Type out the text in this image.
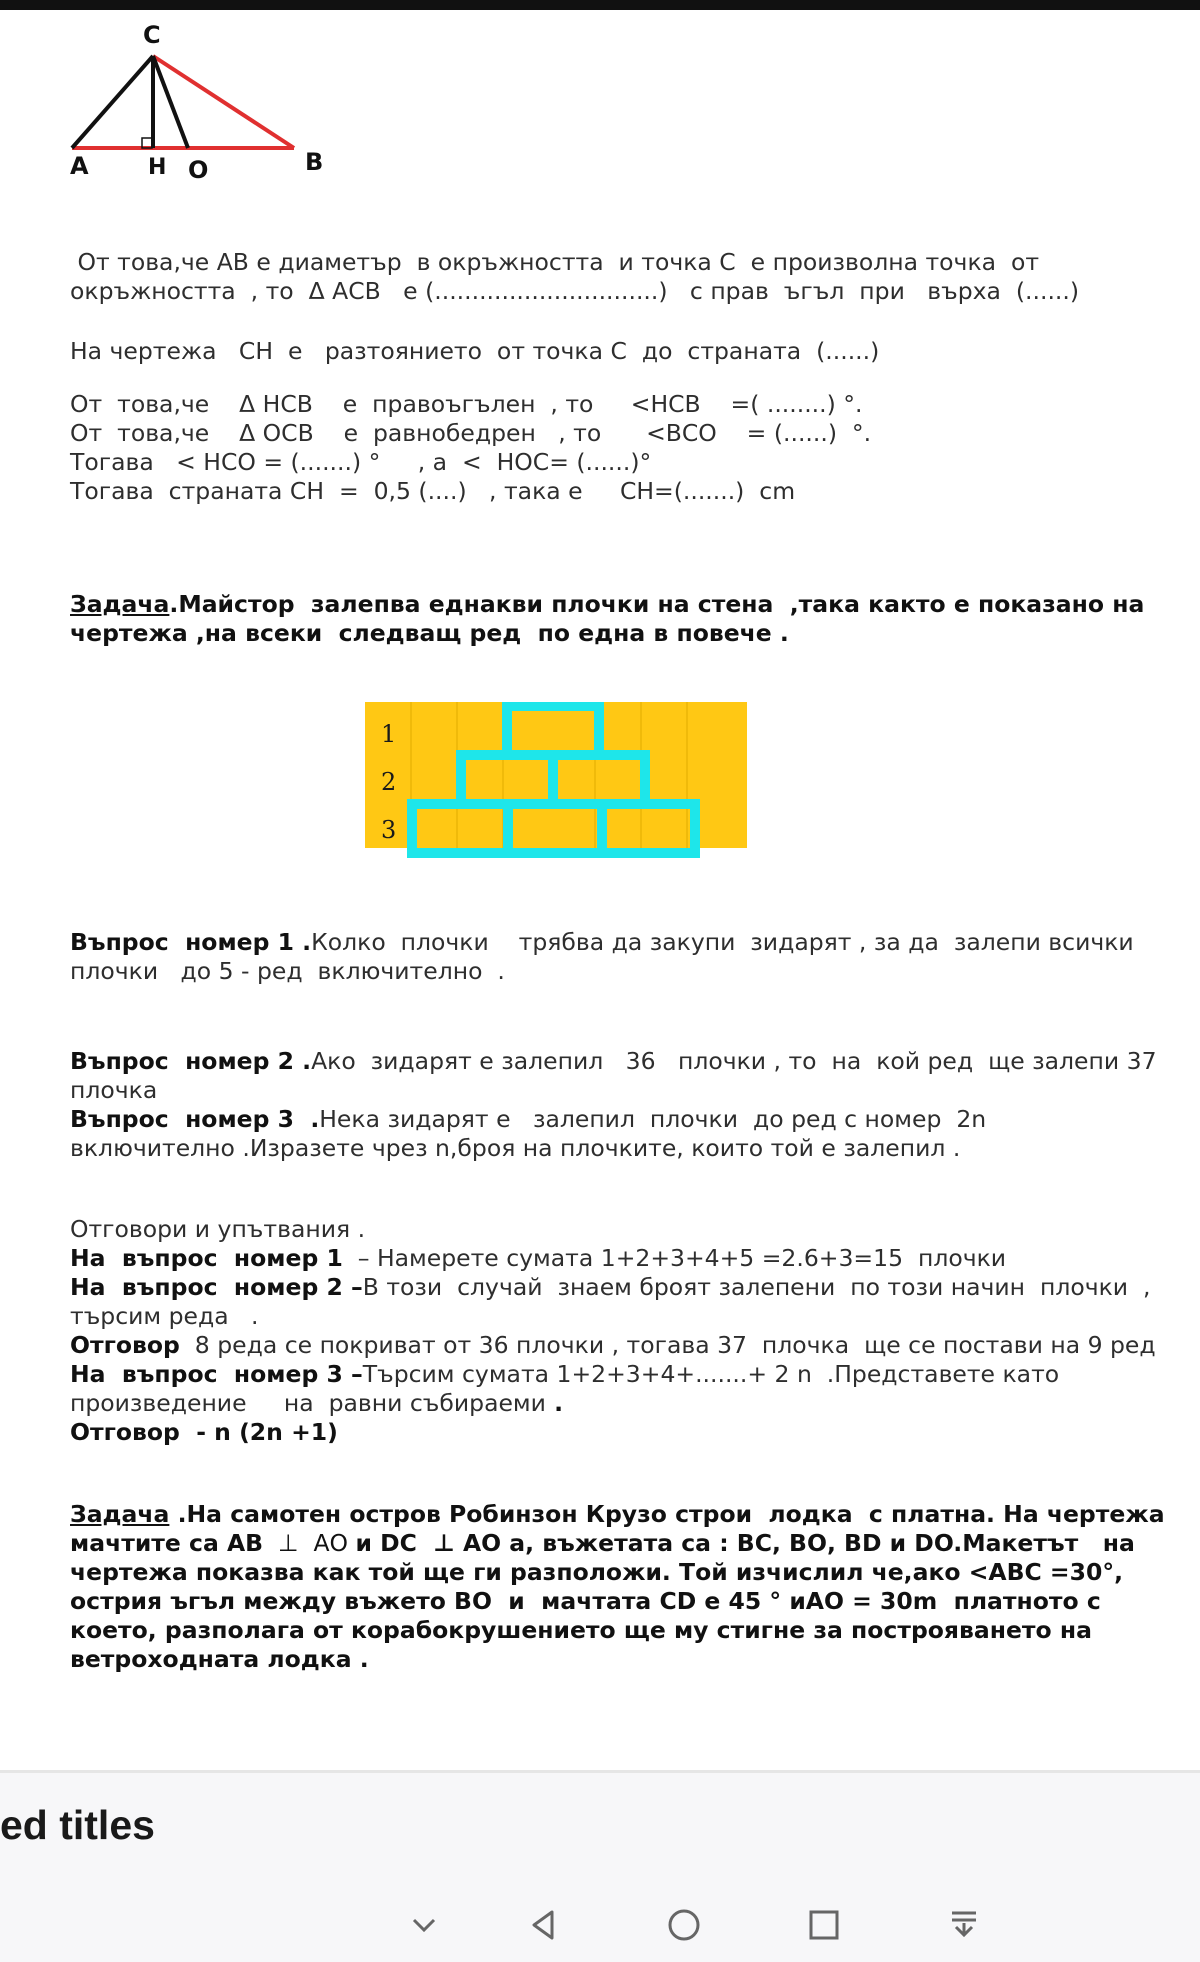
C
A	H O	B
От това,че АВ е диаметър  в окръжността  и точка С  е произволна точка  от
окръжността  , то  Δ АСВ   е (..............................)   с прав  ъгъл  при   върха  (......)
На чертежа   СН  е   разтоянието  от точка С  до  страната  (......)
От  това,че    Δ НСВ    е  правоъгълен  , то     <НСВ    =( ........) °.
От  това,че    Δ ОСВ    е  равнобедрен   , то      <ВСО    = (......)  °.
Тогава   < НСО = (.......) °     , а  <  НОС= (......)°
Тогава  страната СН  =  0,5 (....)   , така е     СН=(.......)  cm
Задача.Майстор  залепва еднакви плочки на стена  ,така както е показано на
чертежа ,на всеки  следващ ред  по една в повече .
1
2
3
Въпрос  номер 1 .Колко  плочки    трябва да закупи  зидарят , за да  залепи всички
плочки   до 5 - ред  включително  .
Въпрос  номер 2 .Ако  зидарят е залепил   36   плочки , то  на  кой ред  ще залепи 37
плочка
Въпрос  номер 3  .Нека зидарят е   залепил  плочки  до ред с номер  2n
включително .Изразете чрез n,броя на плочките, които той е залепил .
Отговори и упътвания .
На  въпрос  номер 1  – Намерете сумата 1+2+3+4+5 =2.6+3=15  плочки
На  въпрос  номер 2 –В този  случай  знаем броят залепени  по този начин  плочки  ,
търсим реда   .
Отговор  8 реда се покриват от 36 плочки , тогава 37  плочка  ще се постави на 9 ред
На  въпрос  номер 3 –Търсим сумата 1+2+3+4+.......+ 2 n  .Представете като
произведение     на  равни събираеми .
Отговор  - n (2n +1)
Задача .На самотен остров Робинзон Крузо строи  лодка  с платна. На чертежа
мачтите са АВ  ⊥  АО и DC  ⊥ АО а, въжетата са : ВС, ВО, BD и DO.Макетът   на
чертежа показва как той ще ги разположи. Той изчислил че,ако <ABC =30°,
острия ъгъл между въжето ВО  и  мачтата CD е 45 ° иАО = 30m  платното с
което, разполага от корабокрушението ще му стигне за построяването на
ветроходната лодка .
ed titles
